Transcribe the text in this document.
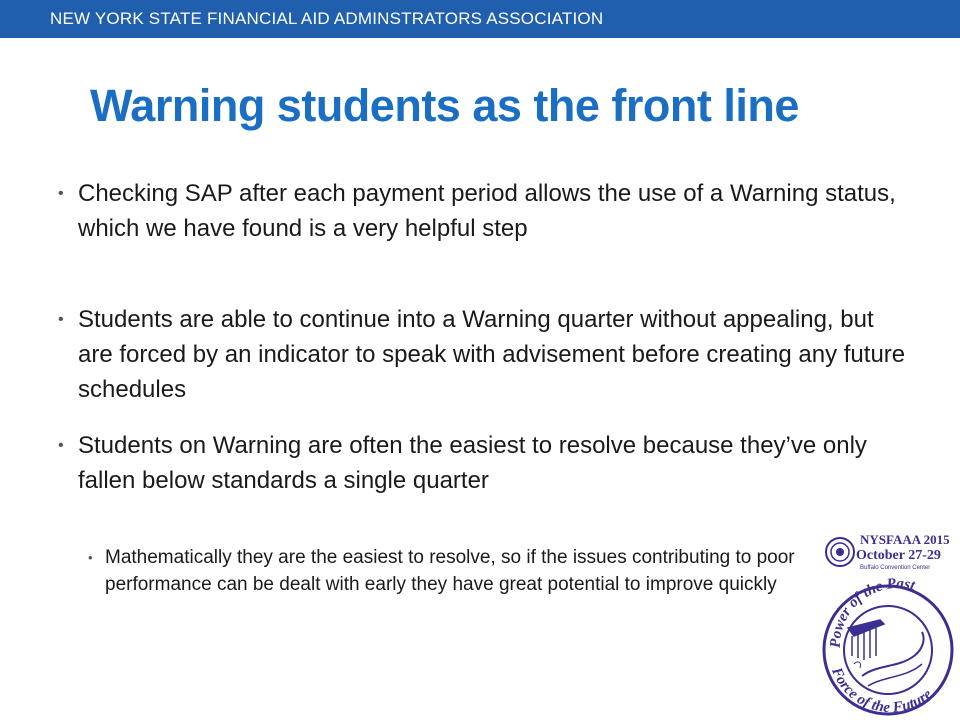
NEW YORK STATE FINANCIAL AID ADMINSTRATORS ASSOCIATION
Warning students as the front line
• Checking SAP after each payment period allows the use of a Warning status, which we have found is a very helpful step
• Students are able to continue into a Warning quarter without appealing, but are forced by an indicator to speak with advisement before creating any future schedules
• Students on Warning are often the easiest to resolve because they’ve only fallen below standards a single quarter
• Mathematically they are the easiest to resolve, so if the issues contributing to poor performance can be dealt with early they have great potential to improve quickly
NYSFAAA 2015
October 27-29
Buffalo Convention Center
Power of the Past
Force of the Future
